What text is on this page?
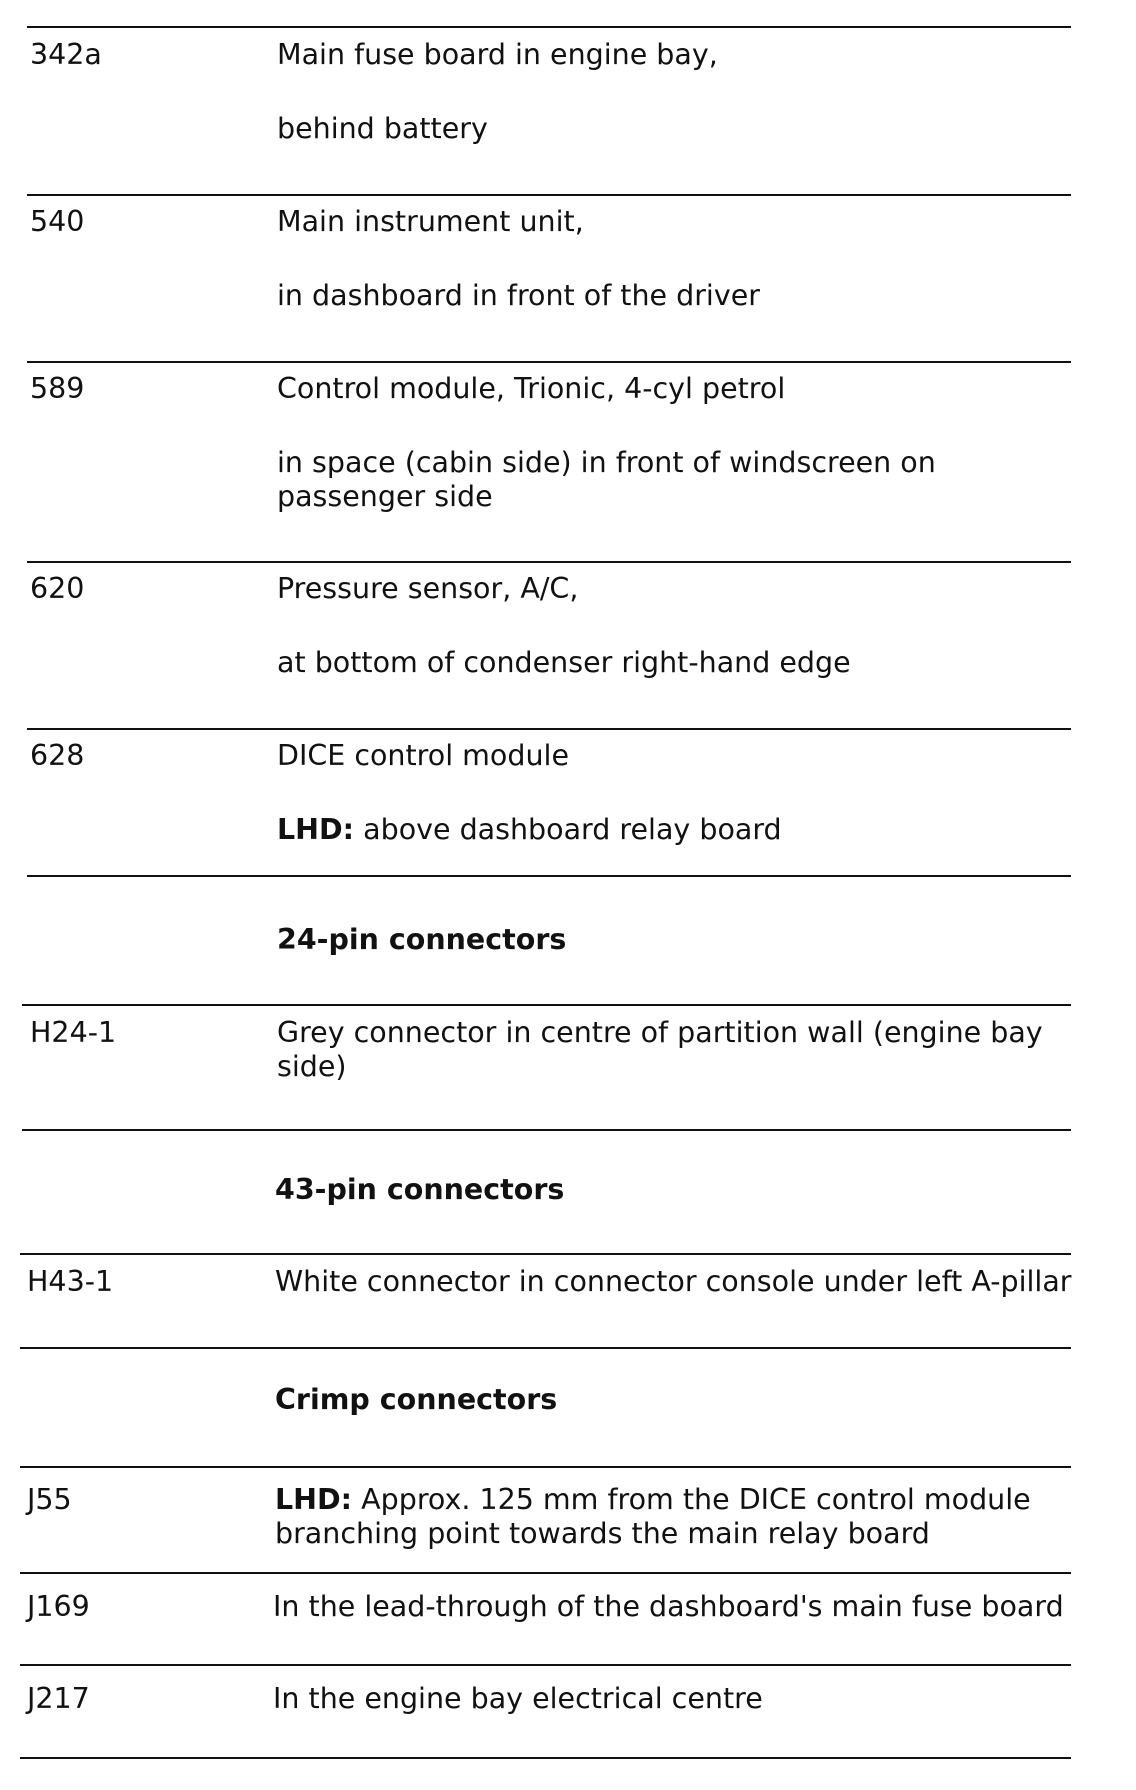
342a	Main fuse board in engine bay,
behind battery
540	Main instrument unit,
in dashboard in front of the driver
589	Control module, Trionic, 4-cyl petrol
in space (cabin side) in front of windscreen on passenger side
620	Pressure sensor, A/C,
at bottom of condenser right-hand edge
628	DICE control module
LHD: above dashboard relay board
24-pin connectors
H24-1	Grey connector in centre of partition wall (engine bay side)
43-pin connectors
H43-1	White connector in connector console under left A-pillar
Crimp connectors
J55	LHD: Approx. 125 mm from the DICE control module branching point towards the main relay board
J169	In the lead-through of the dashboard's main fuse board
J217	In the engine bay electrical centre
